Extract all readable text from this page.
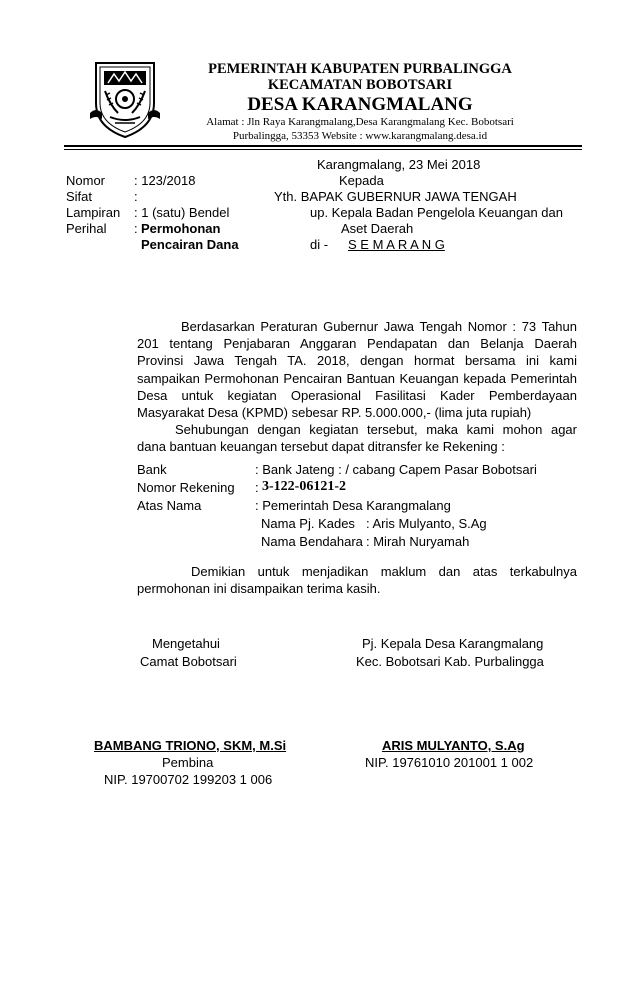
PEMERINTAH KABUPATEN PURBALINGGA
KECAMATAN BOBOTSARI
DESA KARANGMALANG
Alamat : Jln Raya Karangmalang,Desa Karangmalang Kec. Bobotsari
Purbalingga, 53353 Website : www.karangmalang.desa.id
Karangmalang, 23 Mei 2018
Nomor : 123/2018
Sifat	:
Lampiran : 1 (satu) Bendel
Perihal : Permohonan
Pencairan Dana
Kepada
Yth. BAPAK GUBERNUR JAWA TENGAH
up. Kepala Badan Pengelola Keuangan dan
Aset Daerah
di - S E M A R A N G
Berdasarkan Peraturan Gubernur Jawa Tengah Nomor : 73 Tahun
201 tentang Penjabaran Anggaran Pendapatan dan Belanja Daerah
Provinsi Jawa Tengah TA. 2018, dengan hormat bersama ini kami
sampaikan Permohonan Pencairan Bantuan Keuangan kepada Pemerintah
Desa untuk kegiatan Operasional Fasilitasi Kader Pemberdayaan
Masyarakat Desa (KPMD) sebesar RP. 5.000.000,- (lima juta rupiah)
Sehubungan dengan kegiatan tersebut, maka kami mohon agar
dana bantuan keuangan tersebut dapat ditransfer ke Rekening :
Bank	: Bank Jateng : / cabang Capem Pasar Bobotsari
Nomor Rekening : 3-122-06121-2
Atas Nama	: Pemerintah Desa Karangmalang
Nama Pj. Kades : Aris Mulyanto, S.Ag
Nama Bendahara : Mirah Nuryamah
Demikian untuk menjadikan maklum dan atas terkabulnya
permohonan ini disampaikan terima kasih.
Mengetahui
Camat Bobotsari
Pj. Kepala Desa Karangmalang
Kec. Bobotsari Kab. Purbalingga
BAMBANG TRIONO, SKM, M.Si
Pembina
NIP. 19700702 199203 1 006
ARIS MULYANTO, S.Ag
NIP. 19761010 201001 1 002
